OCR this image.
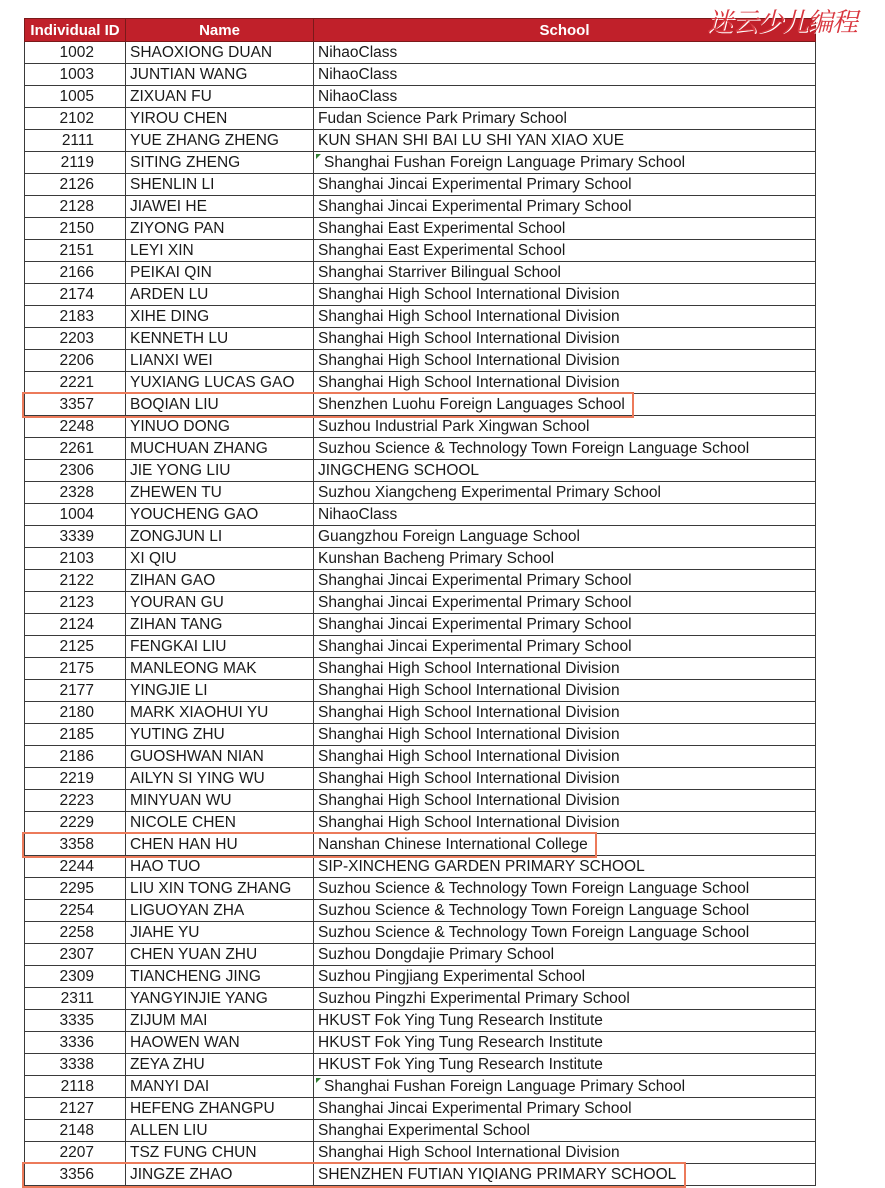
Individual ID	Name	School
1002	SHAOXIONG DUAN	NihaoClass
1003	JUNTIAN WANG	NihaoClass
1005	ZIXUAN FU	NihaoClass
2102	YIROU CHEN	Fudan Science Park Primary School
2111	YUE ZHANG ZHENG	KUN SHAN SHI BAI LU SHI YAN XIAO XUE
2119	SITING ZHENG	Shanghai Fushan Foreign Language Primary School
2126	SHENLIN LI	Shanghai Jincai Experimental Primary School
2128	JIAWEI HE	Shanghai Jincai Experimental Primary School
2150	ZIYONG PAN	Shanghai East Experimental School
2151	LEYI XIN	Shanghai East Experimental School
2166	PEIKAI QIN	Shanghai Starriver Bilingual School
2174	ARDEN LU	Shanghai High School International Division
2183	XIHE DING	Shanghai High School International Division
2203	KENNETH LU	Shanghai High School International Division
2206	LIANXI WEI	Shanghai High School International Division
2221	YUXIANG LUCAS GAO	Shanghai High School International Division
3357	BOQIAN LIU	Shenzhen Luohu Foreign Languages School
2248	YINUO DONG	Suzhou Industrial Park Xingwan School
2261	MUCHUAN ZHANG	Suzhou Science & Technology Town Foreign Language School
2306	JIE YONG LIU	JINGCHENG SCHOOL
2328	ZHEWEN TU	Suzhou Xiangcheng Experimental Primary School
1004	YOUCHENG GAO	NihaoClass
3339	ZONGJUN LI	Guangzhou Foreign Language School
2103	XI QIU	Kunshan Bacheng Primary School
2122	ZIHAN GAO	Shanghai Jincai Experimental Primary School
2123	YOURAN GU	Shanghai Jincai Experimental Primary School
2124	ZIHAN TANG	Shanghai Jincai Experimental Primary School
2125	FENGKAI LIU	Shanghai Jincai Experimental Primary School
2175	MANLEONG MAK	Shanghai High School International Division
2177	YINGJIE LI	Shanghai High School International Division
2180	MARK XIAOHUI YU	Shanghai High School International Division
2185	YUTING ZHU	Shanghai High School International Division
2186	GUOSHWAN NIAN	Shanghai High School International Division
2219	AILYN SI YING WU	Shanghai High School International Division
2223	MINYUAN WU	Shanghai High School International Division
2229	NICOLE CHEN	Shanghai High School International Division
3358	CHEN HAN HU	Nanshan Chinese International College
2244	HAO TUO	SIP-XINCHENG GARDEN PRIMARY SCHOOL
2295	LIU XIN TONG ZHANG	Suzhou Science & Technology Town Foreign Language School
2254	LIGUOYAN ZHA	Suzhou Science & Technology Town Foreign Language School
2258	JIAHE YU	Suzhou Science & Technology Town Foreign Language School
2307	CHEN YUAN ZHU	Suzhou Dongdajie Primary School
2309	TIANCHENG JING	Suzhou Pingjiang Experimental School
2311	YANGYINJIE YANG	Suzhou Pingzhi Experimental Primary School
3335	ZIJUM MAI	HKUST Fok Ying Tung Research Institute
3336	HAOWEN WAN	HKUST Fok Ying Tung Research Institute
3338	ZEYA ZHU	HKUST Fok Ying Tung Research Institute
2118	MANYI DAI	Shanghai Fushan Foreign Language Primary School
2127	HEFENG ZHANGPU	Shanghai Jincai Experimental Primary School
2148	ALLEN LIU	Shanghai Experimental School
2207	TSZ FUNG CHUN	Shanghai High School International Division
3356	JINGZE ZHAO	SHENZHEN FUTIAN YIQIANG PRIMARY SCHOOL
迷云少儿编程
